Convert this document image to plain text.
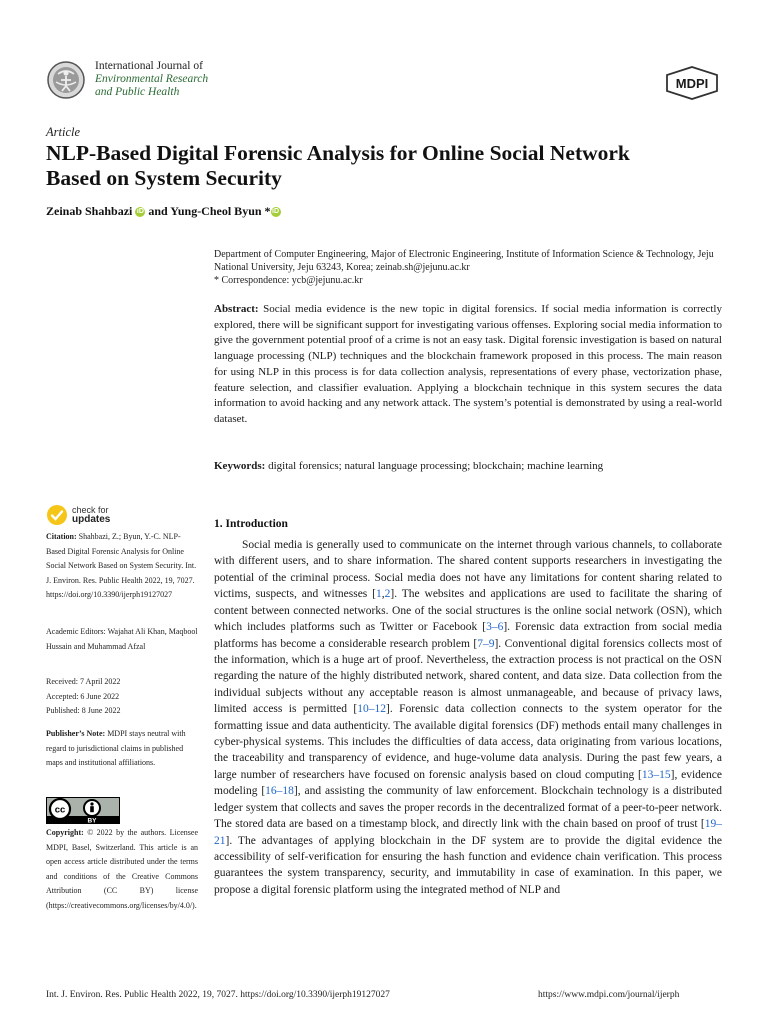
International Journal of
Environmental Research
and Public Health
MDPI
Article
NLP-Based Digital Forensic Analysis for Online Social Network Based on System Security
Zeinab Shahbazi iD and Yung-Cheol Byun * iD

Department of Computer Engineering, Major of Electronic Engineering, Institute of Information Science & Technology, Jeju National University, Jeju 63243, Korea; zeinab.sh@jejunu.ac.kr

* Correspondence: ycb@jejunu.ac.kr

Abstract: Social media evidence is the new topic in digital forensics. If social media information is correctly explored, there will be significant support for investigating various offenses. Exploring social media information to give the government potential proof of a crime is not an easy task. Digital forensic investigation is based on natural language processing (NLP) techniques and the blockchain framework proposed in this process. The main reason for using NLP in this process is for data collection analysis, representations of every phase, vectorization phase, feature selection, and classifier evaluation. Applying a blockchain technique in this system secures the data information to avoid hacking and any network attack. The system’s potential is demonstrated by using a real-world dataset.

Keywords: digital forensics; natural language processing; blockchain; machine learning

check for
updates

Citation: Shahbazi, Z.; Byun, Y.-C. NLP-Based Digital Forensic Analysis for Online Social Network Based on System Security. Int. J. Environ. Res. Public Health 2022, 19, 7027. https://doi.org/10.3390/ijerph19127027

Academic Editors: Wajahat Ali Khan, Maqbool Hussain and Muhammad Afzal

Received: 7 April 2022
Accepted: 6 June 2022
Published: 8 June 2022

Publisher’s Note: MDPI stays neutral with regard to jurisdictional claims in published maps and institutional affiliations.

cc
BY

Copyright: © 2022 by the authors. Licensee MDPI, Basel, Switzerland. This article is an open access article distributed under the terms and conditions of the Creative Commons Attribution (CC BY) license (https://creativecommons.org/licenses/by/4.0/).

1. Introduction

Social media is generally used to communicate on the internet through various channels, to collaborate with different users, and to share information. The shared content supports researchers in investigating the potential of the criminal process. Social media does not have any limitations for content sharing related to victims, suspects, and witnesses [1,2]. The websites and applications are used to facilitate the sharing of content between connected networks. One of the social structures is the online social network (OSN), which which includes platforms such as Twitter or Facebook [3–6]. Forensic data extraction from social media platforms has become a considerable research problem [7–9]. Conventional digital forensics collects most of the information, which is a huge art of proof. Nevertheless, the extraction process is not practical on the OSN regarding the nature of the highly distributed network, shared content, and data size. Data collection from the individual subjects without any acceptable reason is almost unmanageable, and because of privacy laws, limited access is permitted [10–12]. Forensic data collection connects to the system operator for the formatting issue and data authenticity. The available digital forensics (DF) methods entail many challenges in cyber-physical systems. This includes the difficulties of data access, data originating from various locations, the traceability and transparency of evidence, and huge-volume data analysis. During the past few years, a large number of researchers have focused on forensic analysis based on cloud computing [13–15], evidence modeling [16–18], and assisting the community of law enforcement. Blockchain technology is a distributed ledger system that collects and saves the proper records in the decentralized format of a peer-to-peer network. The stored data are based on a timestamp block, and directly link with the chain based on proof of trust [19–21]. The advantages of applying blockchain in the DF system are to provide the digital evidence the accessibility of self-verification for ensuring the hash function and evidence chain verification. This process guarantees the system transparency, security, and immutability in case of examination. In this paper, we propose a digital forensic platform using the integrated method of NLP and

Int. J. Environ. Res. Public Health 2022, 19, 7027. https://doi.org/10.3390/ijerph19127027	https://www.mdpi.com/journal/ijerph
